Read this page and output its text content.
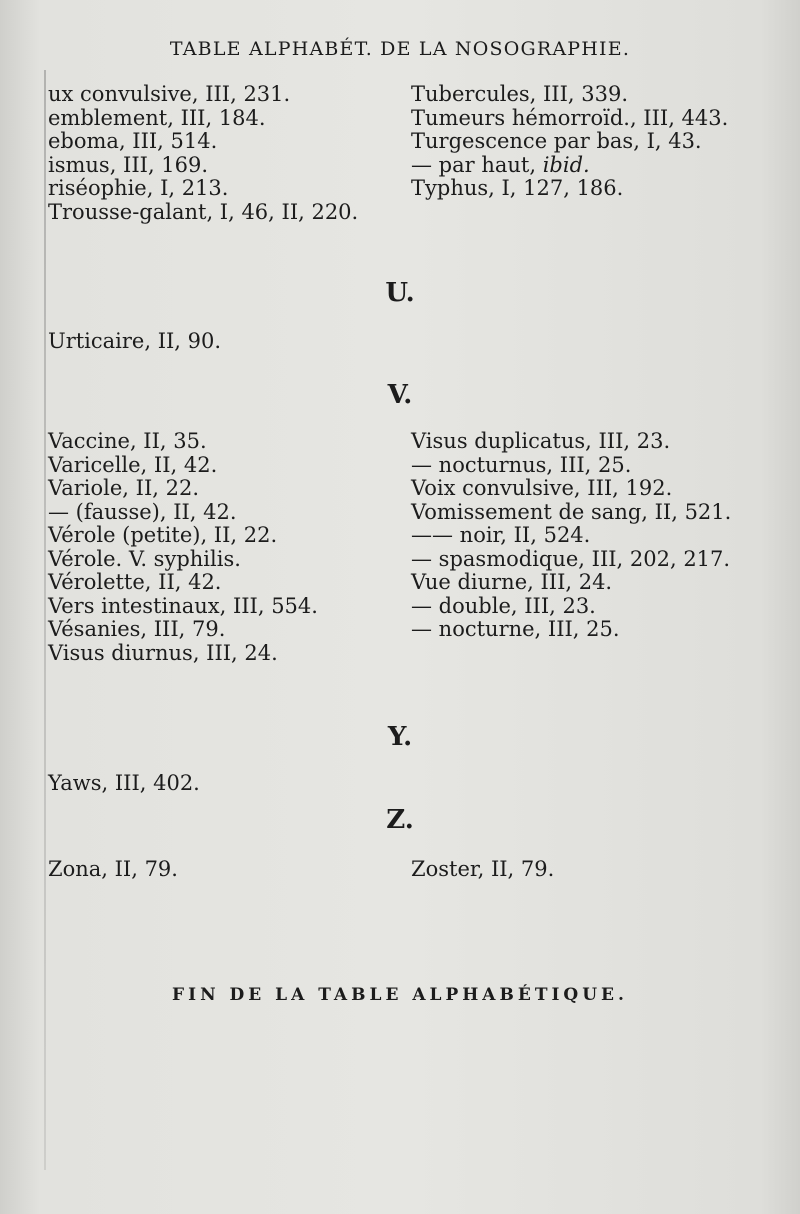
TABLE ALPHABÉT. DE LA NOSOGRAPHIE.
ux convulsive, III, 231.
emblement, III, 184.
eboma, III, 514.
ismus, III, 169.
riséophie, I, 213.
Trousse-galant, I, 46, II, 220.
Tubercules, III, 339.
Tumeurs hémorroïd., III, 443.
Turgescence par bas, I, 43.
— par haut, ibid.
Typhus, I, 127, 186.
U.
Urticaire, II, 90.
V.
Vaccine, II, 35.
Varicelle, II, 42.
Variole, II, 22.
— (fausse), II, 42.
Vérole (petite), II, 22.
Vérole. V. syphilis.
Vérolette, II, 42.
Vers intestinaux, III, 554.
Vésanies, III, 79.
Visus diurnus, III, 24.
Visus duplicatus, III, 23.
— nocturnus, III, 25.
Voix convulsive, III, 192.
Vomissement de sang, II, 521.
—— noir, II, 524.
— spasmodique, III, 202, 217.
Vue diurne, III, 24.
— double, III, 23.
— nocturne, III, 25.
Y.
Yaws, III, 402.
Z.
Zona, II, 79.	Zoster, II, 79.
FIN DE LA TABLE ALPHABÉTIQUE.
